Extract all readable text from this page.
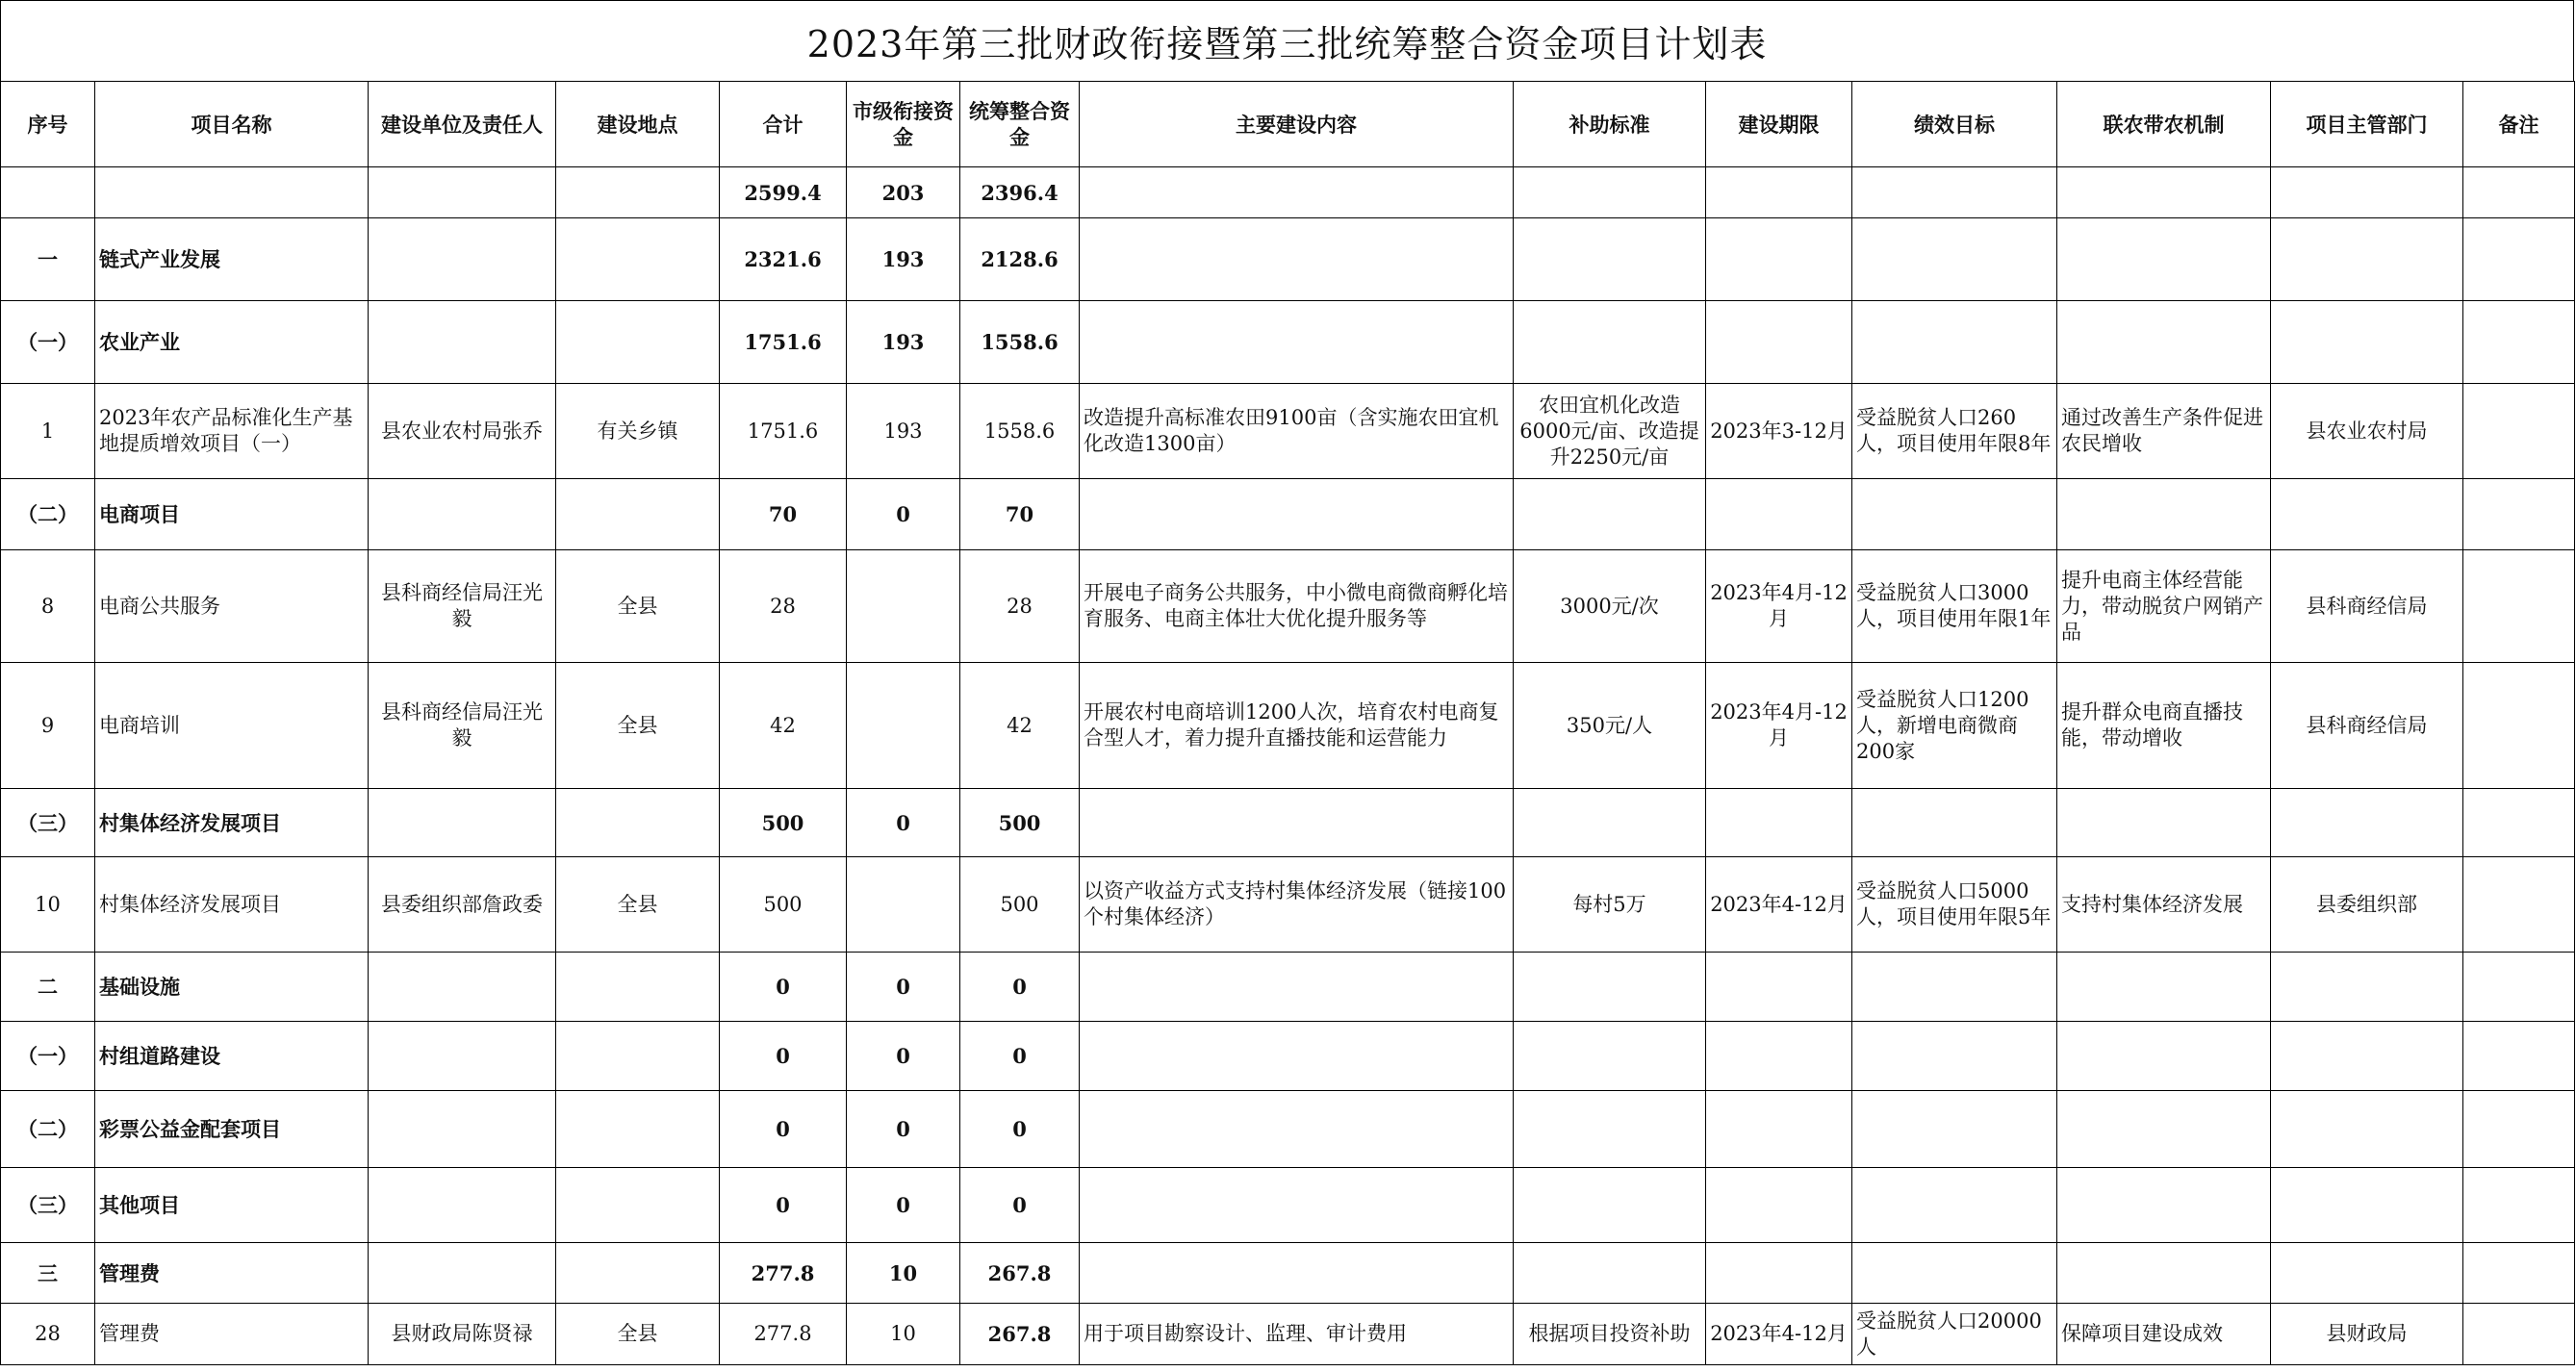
2023年第三批财政衔接暨第三批统筹整合资金项目计划表
序号	项目名称	建设单位及责任人	建设地点	合计	市级衔接资金	统筹整合资金	主要建设内容	补助标准	建设期限	绩效目标	联农带农机制	项目主管部门	备注
				2599.4	203	2396.4							
一	链式产业发展			2321.6	193	2128.6							
（一）	农业产业			1751.6	193	1558.6							
1	2023年农产品标准化生产基地提质增效项目（一）	县农业农村局张乔	有关乡镇	1751.6	193	1558.6	改造提升高标准农田9100亩（含实施农田宜机化改造1300亩）	农田宜机化改造6000元/亩、改造提升2250元/亩	2023年3-12月	受益脱贫人口260人，项目使用年限8年	通过改善生产条件促进农民增收	县农业农村局	
（二）	电商项目			70	0	70							
8	电商公共服务	县科商经信局汪光毅	全县	28		28	开展电子商务公共服务，中小微电商微商孵化培育服务、电商主体壮大优化提升服务等	3000元/次	2023年4月-12月	受益脱贫人口3000人，项目使用年限1年	提升电商主体经营能力，带动脱贫户网销产品	县科商经信局	
9	电商培训	县科商经信局汪光毅	全县	42		42	开展农村电商培训1200人次，培育农村电商复合型人才，着力提升直播技能和运营能力	350元/人	2023年4月-12月	受益脱贫人口1200人，新增电商微商200家	提升群众电商直播技能，带动增收	县科商经信局	
（三）	村集体经济发展项目			500	0	500							
10	村集体经济发展项目	县委组织部詹政委	全县	500		500	以资产收益方式支持村集体经济发展（链接100个村集体经济）	每村5万	2023年4-12月	受益脱贫人口5000人，项目使用年限5年	支持村集体经济发展	县委组织部	
二	基础设施			0	0	0							
（一）	村组道路建设			0	0	0							
（二）	彩票公益金配套项目			0	0	0							
（三）	其他项目			0	0	0							
三	管理费			277.8	10	267.8							
28	管理费	县财政局陈贤禄	全县	277.8	10	267.8	用于项目勘察设计、监理、审计费用	根据项目投资补助	2023年4-12月	受益脱贫人口20000人	保障项目建设成效	县财政局	
